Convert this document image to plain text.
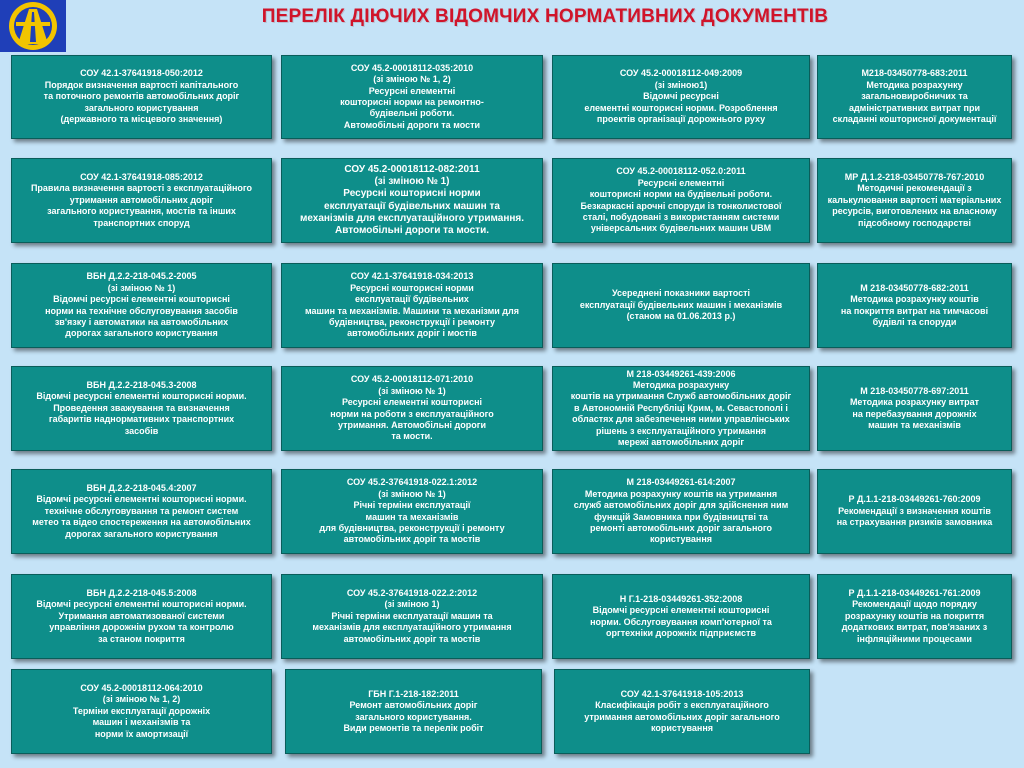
ПЕРЕЛІК ДІЮЧИХ ВІДОМЧИХ НОРМАТИВНИХ ДОКУМЕНТІВ
СОУ 42.1-37641918-050:2012
Порядок визначення вартості капітального
та поточного ремонтів автомобільних доріг
загального користування
(державного та місцевого значення)
СОУ 45.2-00018112-035:2010
(зі зміною № 1, 2)
Ресурсні елементні
кошторисні норми на ремонтно-
будівельні роботи.
Автомобільні дороги та мости
СОУ 45.2-00018112-049:2009
(зі зміною1)
Відомчі ресурсні
елементні кошторисні норми. Розроблення
проектів організації дорожнього руху
М218-03450778-683:2011
Методика розрахунку
загальновиробничих та
адміністративних витрат при
складанні кошторисної документації
СОУ 42.1-37641918-085:2012
Правила визначення вартості з експлуатаційного
утримання автомобільних доріг
загального користування, мостів та інших
транспортних споруд
СОУ 45.2-00018112-082:2011
(зі зміною № 1)
Ресурсні кошторисні норми
експлуатації будівельних машин та
механізмів для експлуатаційного утримання.
Автомобільні дороги та мости.
СОУ 45.2-00018112-052.0:2011
Ресурсні елементні
кошторисні норми на будівельні роботи.
Безкаркасні арочні споруди із тонколистової
сталі, побудовані з використанням системи
універсальних будівельних машин UBM
МР Д.1.2-218-03450778-767:2010
Методичні рекомендації з
калькулювання вартості матеріальних
ресурсів, виготовлених на власному
підсобному господарстві
ВБН Д.2.2-218-045.2-2005
(зі зміною № 1)
Відомчі ресурсні елементні кошторисні
норми на технічне обслуговування засобів
зв'язку і автоматики на автомобільних
дорогах загального користування
СОУ 42.1-37641918-034:2013
Ресурсні кошторисні норми
експлуатації будівельних
машин та механізмів. Машини та механізми для
будівництва, реконструкції і ремонту
автомобільних доріг і мостів
Усереднені показники вартості
експлуатації будівельних машин і механізмів
(станом на 01.06.2013 р.)
М 218-03450778-682:2011
Методика розрахунку коштів
на покриття витрат на тимчасові
будівлі та споруди
ВБН Д.2.2-218-045.3-2008
Відомчі ресурсні елементні кошторисні норми.
Проведення зважування та визначення
габаритів наднормативних транспортних
засобів
СОУ 45.2-00018112-071:2010
(зі зміною № 1)
Ресурсні елементні кошторисні
норми на роботи з експлуатаційного
утримання. Автомобільні дороги
та мости.
М 218-03449261-439:2006
Методика розрахунку
коштів на утримання Служб автомобільних доріг
в Автономній Республіці Крим, м. Севастополі і
областях для забезпечення ними управлінських
рішень з експлуатаційного утримання
мережі автомобільних доріг
М 218-03450778-697:2011
Методика розрахунку витрат
на перебазування дорожніх
машин та механізмів
ВБН Д.2.2-218-045.4:2007
Відомчі ресурсні елементні кошторисні норми.
технічне обслуговування та ремонт систем
метео та відео спостереження на автомобільних
дорогах загального користування
СОУ 45.2-37641918-022.1:2012
(зі зміною № 1)
Річні терміни експлуатації
машин та механізмів
для будівництва, реконструкції і ремонту
автомобільних доріг та мостів
М 218-03449261-614:2007
Методика розрахунку коштів на утримання
служб автомобільних доріг для здійснення ним
функцій Замовника при будівництві та
ремонті автомобільних доріг загального
користування
Р Д.1.1-218-03449261-760:2009
Рекомендації з визначення коштів
на страхування ризиків замовника
ВБН Д.2.2-218-045.5:2008
Відомчі ресурсні елементні кошторисні норми.
Утримання автоматизованої системи
управління дорожнім рухом та контролю
за станом покриття
СОУ 45.2-37641918-022.2:2012
(зі зміною 1)
Річні терміни експлуатації машин та
механізмів для експлуатаційного утримання
автомобільних доріг та мостів
Н Г.1-218-03449261-352:2008
Відомчі ресурсні елементні кошторисні
норми. Обслуговування комп'ютерної та
оргтехніки дорожніх підприємств
Р Д.1.1-218-03449261-761:2009
Рекомендації щодо порядку
розрахунку коштів на покриття
додаткових витрат, пов'язаних з
інфляційними процесами
СОУ 45.2-00018112-064:2010
(зі зміною № 1, 2)
Терміни експлуатації дорожніх
машин і механізмів та
норми їх амортизації
ГБН Г.1-218-182:2011
Ремонт автомобільних доріг
загального користування.
Види ремонтів та перелік робіт
СОУ 42.1-37641918-105:2013
Класифікація робіт з експлуатаційного
утримання автомобільних доріг загального
користування
